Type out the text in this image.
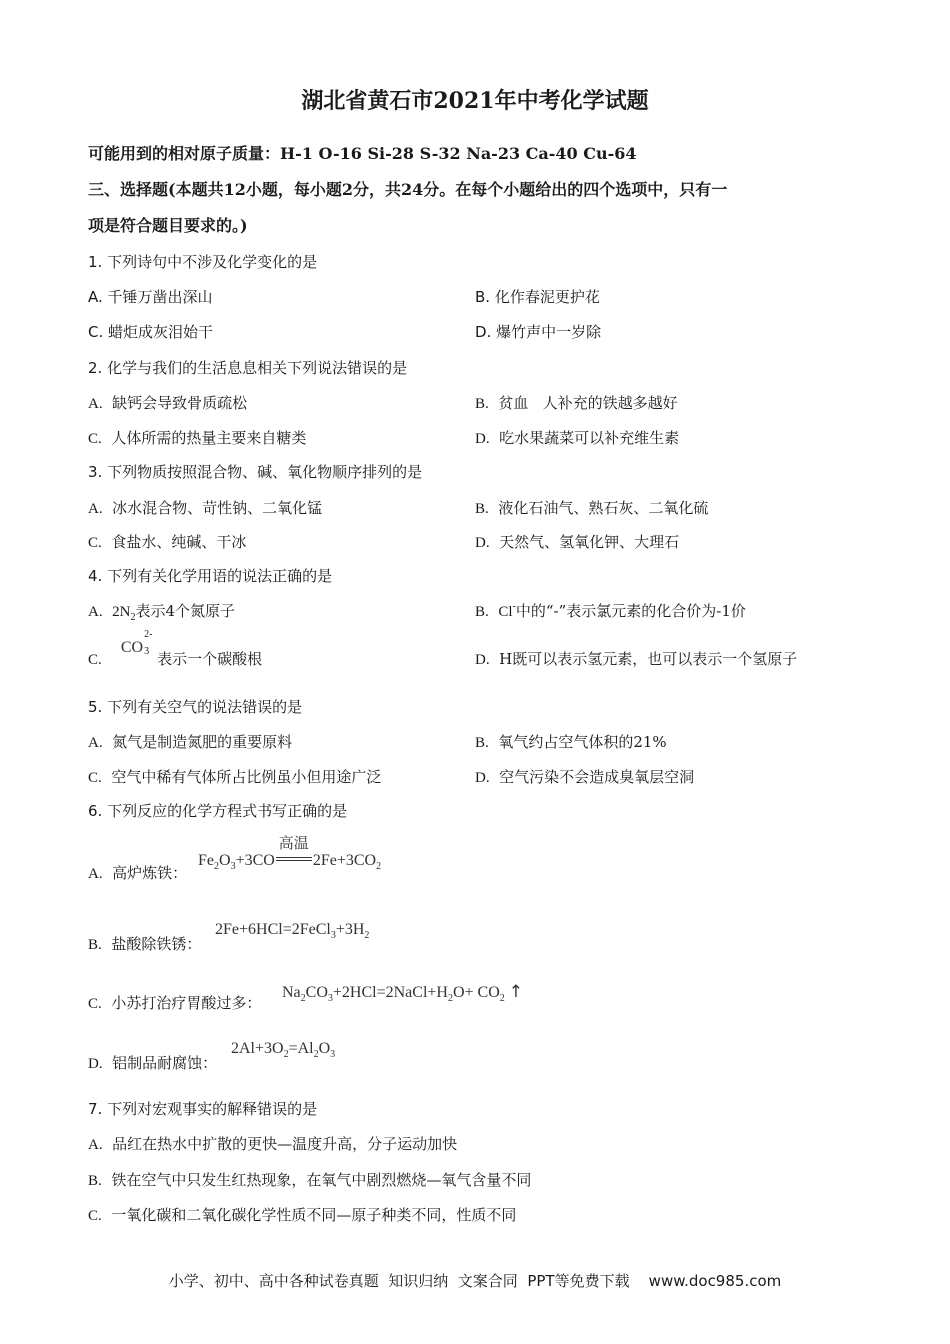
湖北省黄石市2021年中考化学试题
可能用到的相对原子质量：H-1 O-16 Si-28 S-32 Na-23 Ca-40 Cu-64
三、选择题(本题共12小题，每小题2分，共24分。在每个小题给出的四个选项中，只有一
项是符合题目要求的。)
1. 下列诗句中不涉及化学变化的是
A. 千锤万凿出深山	B. 化作春泥更护花
C. 蜡炬成灰泪始干	D. 爆竹声中一岁除
2. 化学与我们的生活息息相关下列说法错误的是
A. 缺钙会导致骨质疏松	B. 贫血   人补充的铁越多越好
C. 人体所需的热量主要来自糖类	D. 吃水果蔬菜可以补充维生素
3. 下列物质按照混合物、碱、氧化物顺序排列的是
A. 冰水混合物、苛性钠、二氧化锰	B. 液化石油气、熟石灰、二氧化硫
C. 食盐水、纯碱、干冰	D. 天然气、氢氧化钾、大理石
4. 下列有关化学用语的说法正确的是
A. $2N_2$表示4个氮原子	B. Cl-中的“-”表示氯元素的化合价为-1价
C.    CO
2-
3 表示一个碳酸根	D. H既可以表示氢元素，也可以表示一个氢原子
5. 下列有关空气的说法错误的是
A. 氮气是制造氮肥的重要原料	B. 氧气约占空气体积的21%
C. 空气中稀有气体所占比例虽小但用途广泛	D. 空气污染不会造成臭氧层空洞
6. 下列反应的化学方程式书写正确的是
A. 高炉炼铁：
$Fe_2O_3+3CO$
高温
$2Fe+3CO_2$
B. 盐酸除铁锈：
$2Fe+6HCl=2FeCl_3+3H_2$
C. 小苏打治疗胃酸过多：
$Na_2CO_3+2HCl=2NaCl+H_2O+ CO_2$ ↑
D. 铝制品耐腐蚀：
$2Al+3O_2=Al_2O_3$
7. 下列对宏观事实的解释错误的是
A. 品红在热水中扩散的更快—温度升高，分子运动加快
B. 铁在空气中只发生红热现象，在氧气中剧烈燃烧—氧气含量不同
C. 一氧化碳和二氧化碳化学性质不同—原子种类不同，性质不同
小学、初中、高中各种试卷真题  知识归纳  文案合同  PPT等免费下载    www.doc985.com
